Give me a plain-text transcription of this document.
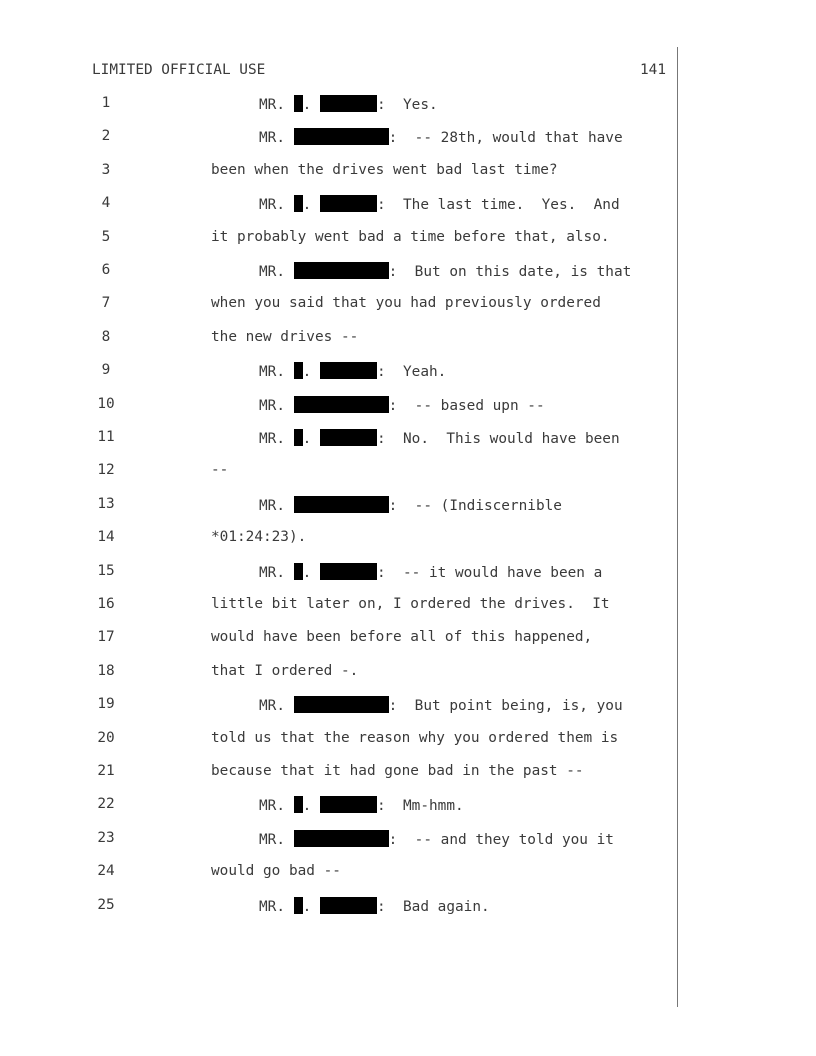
LIMITED OFFICIAL USE	141
1	MR. .	: Yes.
2	MR.	: -- 28th, would that have
3	been when the drives went bad last time?
4	MR. .	: The last time.  Yes.  And
5	it probably went bad a time before that, also.
6	MR.	: But on this date, is that
7	when you said that you had previously ordered
8	the new drives --
9	MR. .	: Yeah.
10	MR.	: -- based upn --
11	MR. .	: No.  This would have been
12	--
13	MR.	: -- (Indiscernible
14	*01:24:23).
15	MR. .	: -- it would have been a
16	little bit later on, I ordered the drives.  It
17	would have been before all of this happened,
18	that I ordered -.
19	MR.	: But point being, is, you
20	told us that the reason why you ordered them is
21	because that it had gone bad in the past --
22	MR. .	: Mm-hmm.
23	MR.	: -- and they told you it
24	would go bad --
25	MR. .	: Bad again.
